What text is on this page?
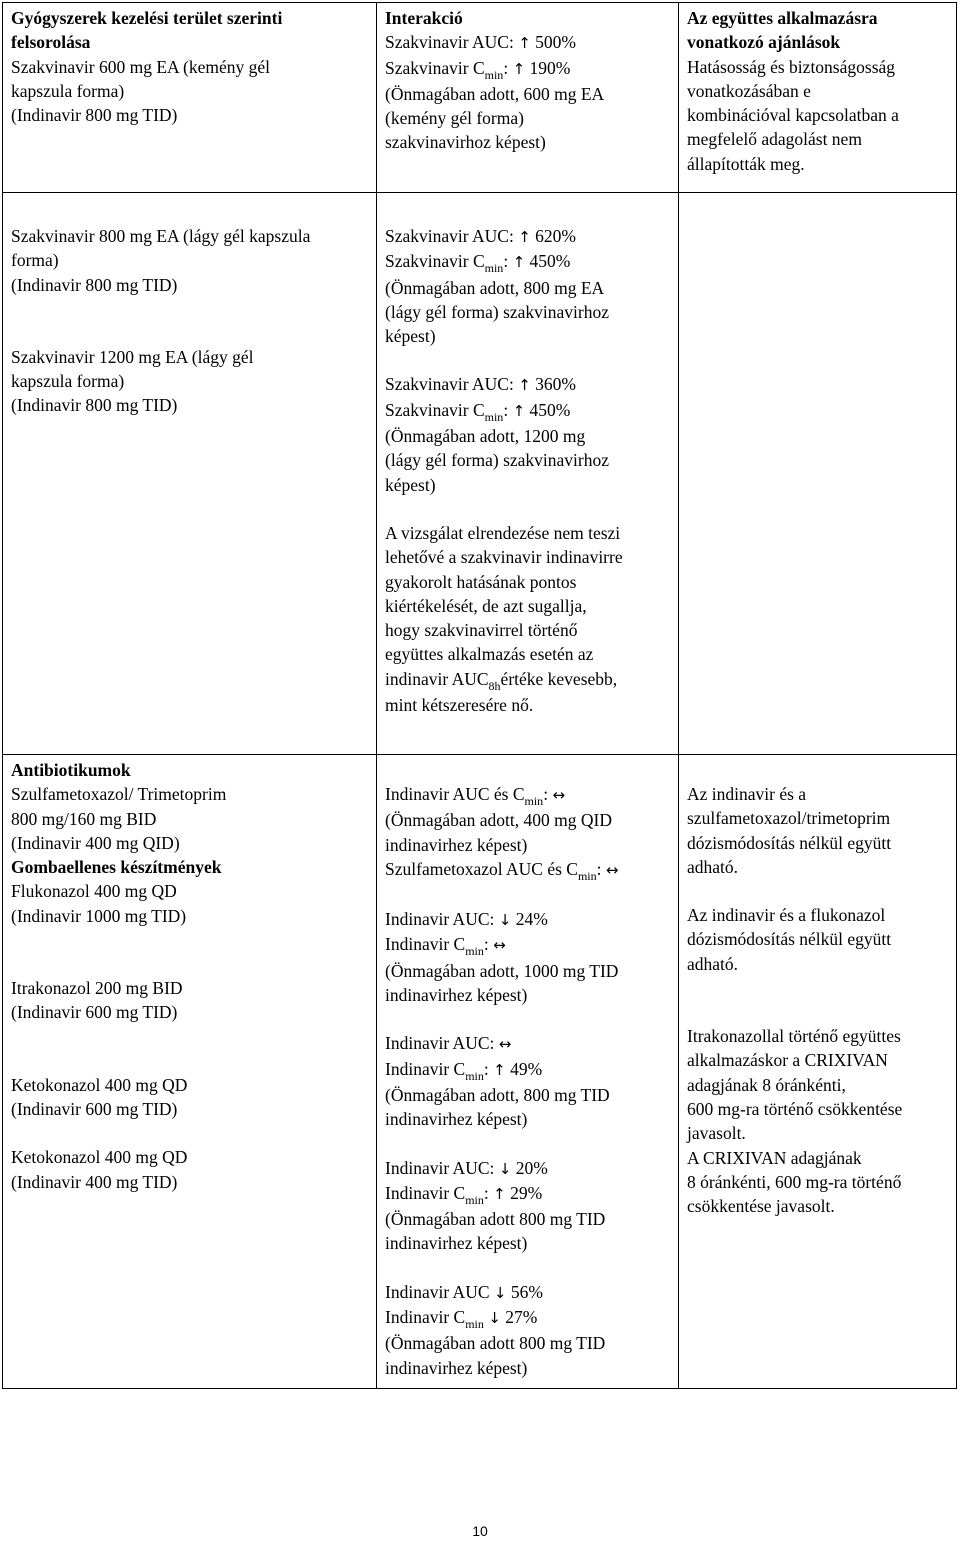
Gyógyszerek kezelési terület szerinti
felsorolása

Szakvinavir 600 mg EA (kemény gél
kapszula forma)
(Indinavir 800 mg TID)

Interakció

Szakvinavir AUC: ↑ 500%
Szakvinavir $C_{min}$: ↑ 190%
(Önmagában adott, 600 mg EA
(kemény gél forma)
szakvinavirhoz képest)

Az együttes alkalmazásra
vonatkozó ajánlások

Hatásosság és biztonságosság
vonatkozásában e
kombinációval kapcsolatban a
megfelelő adagolást nem
állapították meg.

Szakvinavir 800 mg EA (lágy gél kapszula
forma)
(Indinavir 800 mg TID)

Szakvinavir 1200 mg EA (lágy gél
kapszula forma)
(Indinavir 800 mg TID)

Szakvinavir AUC: ↑ 620%
Szakvinavir $C_{min}$: ↑ 450%
(Önmagában adott, 800 mg EA
(lágy gél forma) szakvinavirhoz
képest)

Szakvinavir AUC: ↑ 360%
Szakvinavir $C_{min}$: ↑ 450%
(Önmagában adott, 1200 mg
(lágy gél forma) szakvinavirhoz
képest)

A vizsgálat elrendezése nem teszi
lehetővé a szakvinavir indinavirre
gyakorolt hatásának pontos
kiértékelését, de azt sugallja,
hogy szakvinavirrel történő
együttes alkalmazás esetén az
indinavir $AUC_{8h}értéke$ kevesebb,
mint kétszeresére nő.

Antibiotikumok

Szulfametoxazol/ Trimetoprim
800 mg/160 mg BID
(Indinavir 400 mg QID)

Gombaellenes készítmények

Flukonazol 400 mg QD
(Indinavir 1000 mg TID)

Itrakonazol 200 mg BID
(Indinavir 600 mg TID)

Ketokonazol 400 mg QD
(Indinavir 600 mg TID)

Ketokonazol 400 mg QD
(Indinavir 400 mg TID)

Indinavir AUC és $C_{min}$: ↔
(Önmagában adott, 400 mg QID
indinavirhez képest)
Szulfametoxazol AUC és $C_{min}$: ↔

Indinavir AUC: ↓ 24%
Indinavir $C_{min}$: ↔
(Önmagában adott, 1000 mg TID
indinavirhez képest)

Indinavir AUC: ↔
Indinavir $C_{min}$: ↑ 49%
(Önmagában adott, 800 mg TID
indinavirhez képest)

Indinavir AUC: ↓ 20%
Indinavir $C_{min}$: ↑ 29%
(Önmagában adott 800 mg TID
indinavirhez képest)

Indinavir AUC ↓ 56%
Indinavir $C_{min}$ ↓ 27%
(Önmagában adott 800 mg TID
indinavirhez képest)

Az indinavir és a
szulfametoxazol/trimetoprim
dózismódosítás nélkül együtt
adható.

Az indinavir és a flukonazol
dózismódosítás nélkül együtt
adható.

Itrakonazollal történő együttes
alkalmazáskor a CRIXIVAN
adagjának 8 óránkénti,
600 mg-ra történő csökkentése
javasolt.

A CRIXIVAN adagjának
8 óránkénti, 600 mg-ra történő
csökkentése javasolt.

10
